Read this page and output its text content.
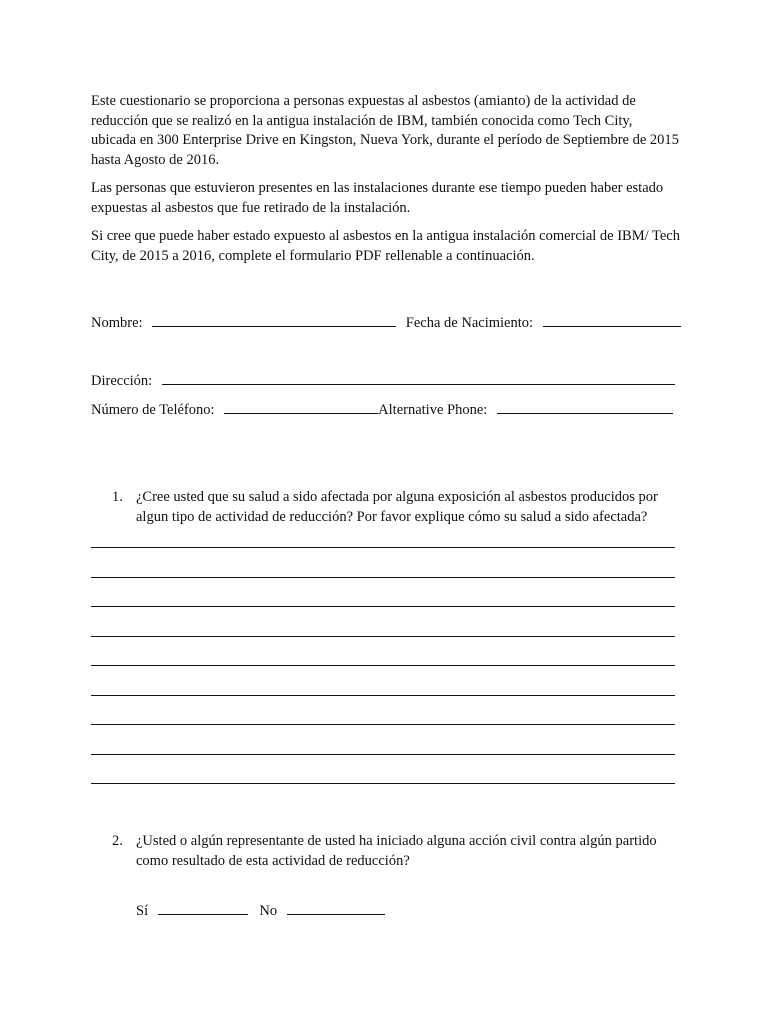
Este cuestionario se proporciona a personas expuestas al asbestos (amianto) de la actividad de reducción que se realizó en la antigua instalación de IBM, también conocida como Tech City, ubicada en 300 Enterprise Drive en Kingston, Nueva York, durante el período de Septiembre de 2015 hasta Agosto de 2016.

Las personas que estuvieron presentes en las instalaciones durante ese tiempo pueden haber estado expuestas al asbestos que fue retirado de la instalación.

Si cree que puede haber estado expuesto al asbestos en la antigua instalación comercial de IBM/ Tech City, de 2015 a 2016, complete el formulario PDF rellenable a continuación.

Nombre:	Fecha de Nacimiento:
Dirección:
Número de Teléfono:	Alternative Phone:
1. ¿Cree usted que su salud a sido afectada por alguna exposición al asbestos producidos por algun tipo de actividad de reducción? Por favor explique cómo su salud a sido afectada?
2. ¿Usted o algún representante de usted ha iniciado alguna acción civil contra algún partido como resultado de esta actividad de reducción?
Sí	No
